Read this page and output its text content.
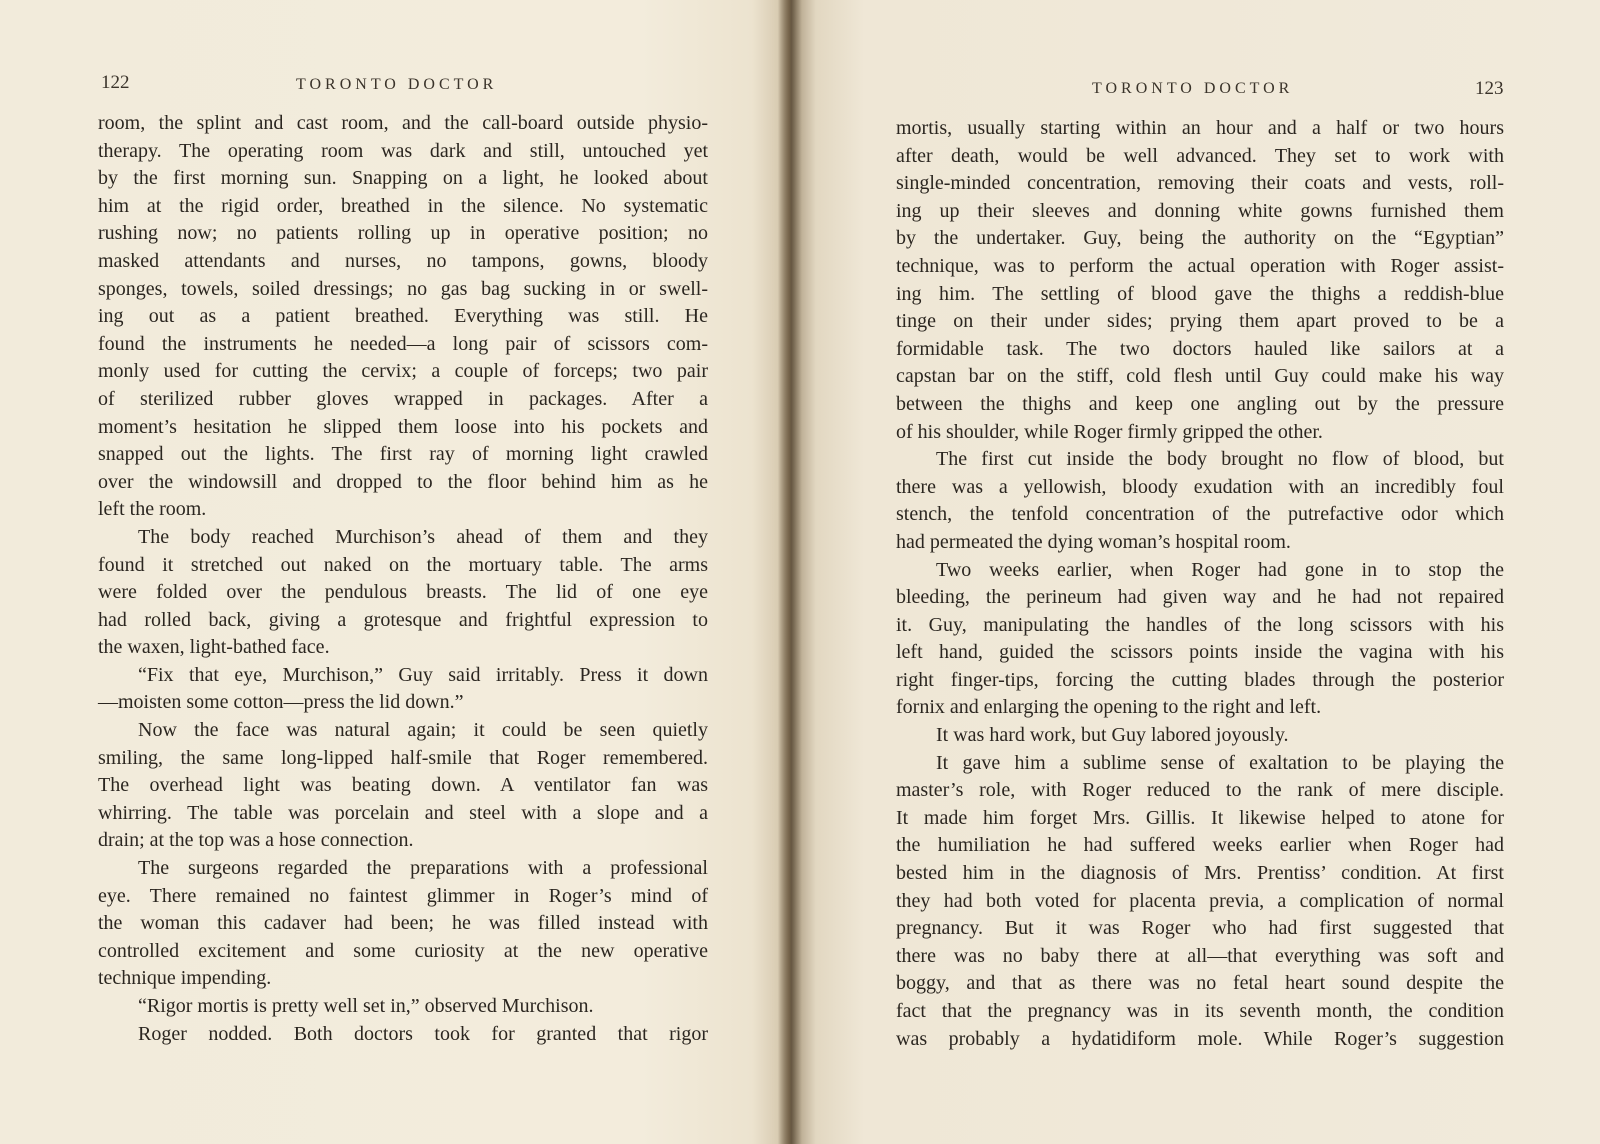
122	TORONTO DOCTOR
room, the splint and cast room, and the call-board outside physio-
therapy. The operating room was dark and still, untouched yet
by the first morning sun. Snapping on a light, he looked about
him at the rigid order, breathed in the silence. No systematic
rushing now; no patients rolling up in operative position; no
masked attendants and nurses, no tampons, gowns, bloody
sponges, towels, soiled dressings; no gas bag sucking in or swell-
ing out as a patient breathed. Everything was still. He
found the instruments he needed—a long pair of scissors com-
monly used for cutting the cervix; a couple of forceps; two pair
of sterilized rubber gloves wrapped in packages. After a
moment’s hesitation he slipped them loose into his pockets and
snapped out the lights. The first ray of morning light crawled
over the windowsill and dropped to the floor behind him as he
left the room.
The body reached Murchison’s ahead of them and they
found it stretched out naked on the mortuary table. The arms
were folded over the pendulous breasts. The lid of one eye
had rolled back, giving a grotesque and frightful expression to
the waxen, light-bathed face.
“Fix that eye, Murchison,” Guy said irritably. Press it down
—moisten some cotton—press the lid down.”
Now the face was natural again; it could be seen quietly
smiling, the same long-lipped half-smile that Roger remembered.
The overhead light was beating down. A ventilator fan was
whirring. The table was porcelain and steel with a slope and a
drain; at the top was a hose connection.
The surgeons regarded the preparations with a professional
eye. There remained no faintest glimmer in Roger’s mind of
the woman this cadaver had been; he was filled instead with
controlled excitement and some curiosity at the new operative
technique impending.
“Rigor mortis is pretty well set in,” observed Murchison.
Roger nodded. Both doctors took for granted that rigor
TORONTO DOCTOR	123
mortis, usually starting within an hour and a half or two hours
after death, would be well advanced. They set to work with
single-minded concentration, removing their coats and vests, roll-
ing up their sleeves and donning white gowns furnished them
by the undertaker. Guy, being the authority on the “Egyptian”
technique, was to perform the actual operation with Roger assist-
ing him. The settling of blood gave the thighs a reddish-blue
tinge on their under sides; prying them apart proved to be a
formidable task. The two doctors hauled like sailors at a
capstan bar on the stiff, cold flesh until Guy could make his way
between the thighs and keep one angling out by the pressure
of his shoulder, while Roger firmly gripped the other.
The first cut inside the body brought no flow of blood, but
there was a yellowish, bloody exudation with an incredibly foul
stench, the tenfold concentration of the putrefactive odor which
had permeated the dying woman’s hospital room.
Two weeks earlier, when Roger had gone in to stop the
bleeding, the perineum had given way and he had not repaired
it. Guy, manipulating the handles of the long scissors with his
left hand, guided the scissors points inside the vagina with his
right finger-tips, forcing the cutting blades through the posterior
fornix and enlarging the opening to the right and left.
It was hard work, but Guy labored joyously.
It gave him a sublime sense of exaltation to be playing the
master’s role, with Roger reduced to the rank of mere disciple.
It made him forget Mrs. Gillis. It likewise helped to atone for
the humiliation he had suffered weeks earlier when Roger had
bested him in the diagnosis of Mrs. Prentiss’ condition. At first
they had both voted for placenta previa, a complication of normal
pregnancy. But it was Roger who had first suggested that
there was no baby there at all—that everything was soft and
boggy, and that as there was no fetal heart sound despite the
fact that the pregnancy was in its seventh month, the condition
was probably a hydatidiform mole. While Roger’s suggestion
